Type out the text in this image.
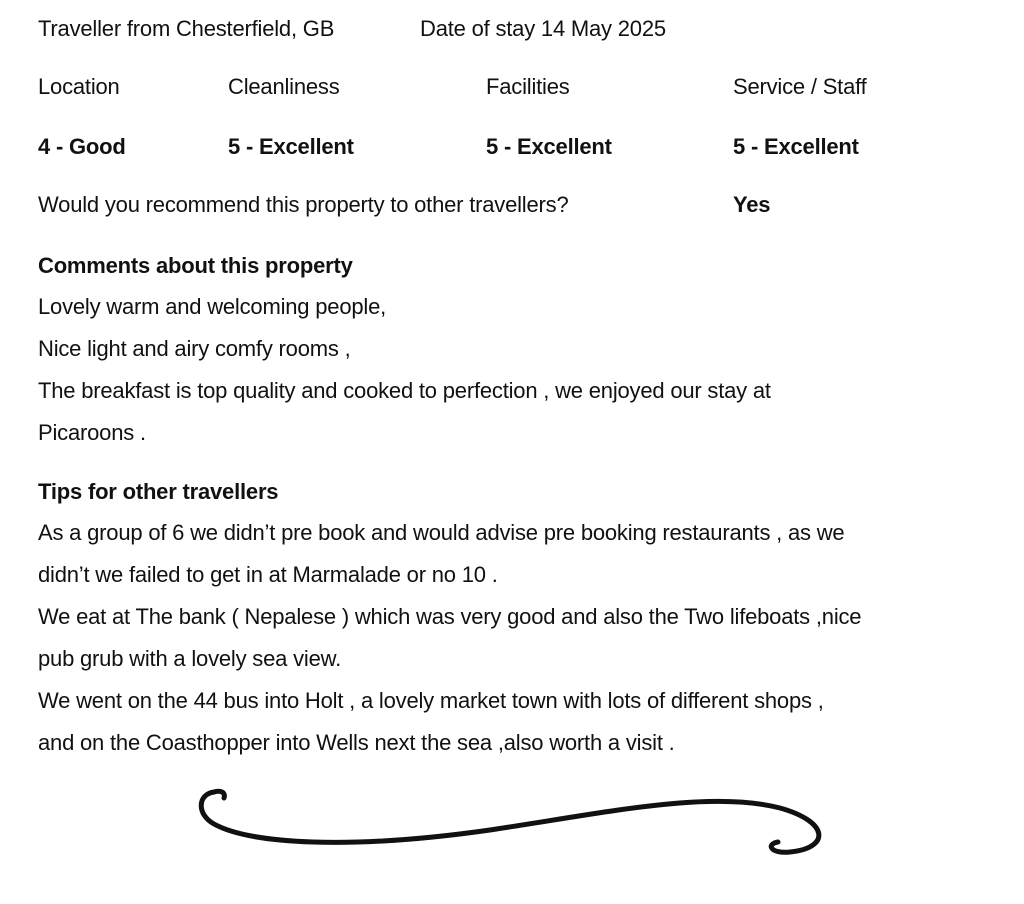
Traveller from Chesterfield, GB	Date of stay 14 May 2025
Location	Cleanliness	Facilities	Service / Staff
4 - Good	5 - Excellent	5 - Excellent	5 - Excellent
Would you recommend this property to other travellers?	Yes
Comments about this property
Lovely warm and welcoming people,
Nice light and airy comfy rooms ,
The breakfast is top quality and cooked to perfection , we enjoyed our stay at
Picaroons .
Tips for other travellers
As a group of 6 we didn’t pre book and would advise pre booking restaurants , as we
didn’t we failed to get in at Marmalade or no 10 .
We eat at The bank ( Nepalese ) which was very good and also the Two lifeboats ,nice
pub grub with a lovely sea view.
We went on the 44 bus into Holt , a lovely market town with lots of different shops ,
and on the Coasthopper into Wells next the sea ,also worth a visit .
